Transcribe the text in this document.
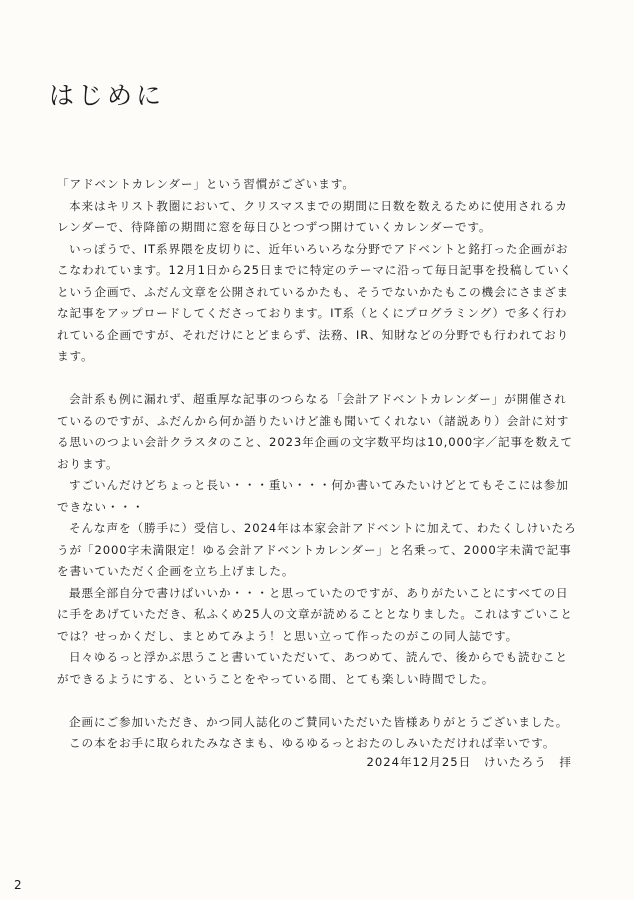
はじめに

「アドベントカレンダー」という習慣がございます。

本来はキリスト教圏において、クリスマスまでの期間に日数を数えるために使用されるカレンダーで、待降節の期間に窓を毎日ひとつずつ開けていくカレンダーです。

いっぽうで、IT系界隈を皮切りに、近年いろいろな分野でアドベントと銘打った企画がおこなわれています。12月1日から25日までに特定のテーマに沿って毎日記事を投稿していくという企画で、ふだん文章を公開されているかたも、そうでないかたもこの機会にさまざまな記事をアップロードしてくださっております。IT系（とくにプログラミング）で多く行われている企画ですが、それだけにとどまらず、法務、IR、知財などの分野でも行われております。

会計系も例に漏れず、超重厚な記事のつらなる「会計アドベントカレンダー」が開催されているのですが、ふだんから何か語りたいけど誰も聞いてくれない（諸説あり）会計に対する思いのつよい会計クラスタのこと、2023年企画の文字数平均は10,000字／記事を数えております。

すごいんだけどちょっと長い・・・重い・・・何か書いてみたいけどとてもそこには参加できない・・・

そんな声を（勝手に）受信し、2024年は本家会計アドベントに加えて、わたくしけいたろうが「2000字未満限定！ゆる会計アドベントカレンダー」と名乗って、2000字未満で記事を書いていただく企画を立ち上げました。

最悪全部自分で書けばいいか・・・と思っていたのですが、ありがたいことにすべての日に手をあげていただき、私ふくめ25人の文章が読めることとなりました。これはすごいことでは？せっかくだし、まとめてみよう！と思い立って作ったのがこの同人誌です。

日々ゆるっと浮かぶ思うこと書いていただいて、あつめて、読んで、後からでも読むことができるようにする、ということをやっている間、とても楽しい時間でした。

企画にご参加いただき、かつ同人誌化のご賛同いただいた皆様ありがとうございました。

この本をお手に取られたみなさまも、ゆるゆるっとおたのしみいただければ幸いです。

2024年12月25日　けいたろう　拝
2
